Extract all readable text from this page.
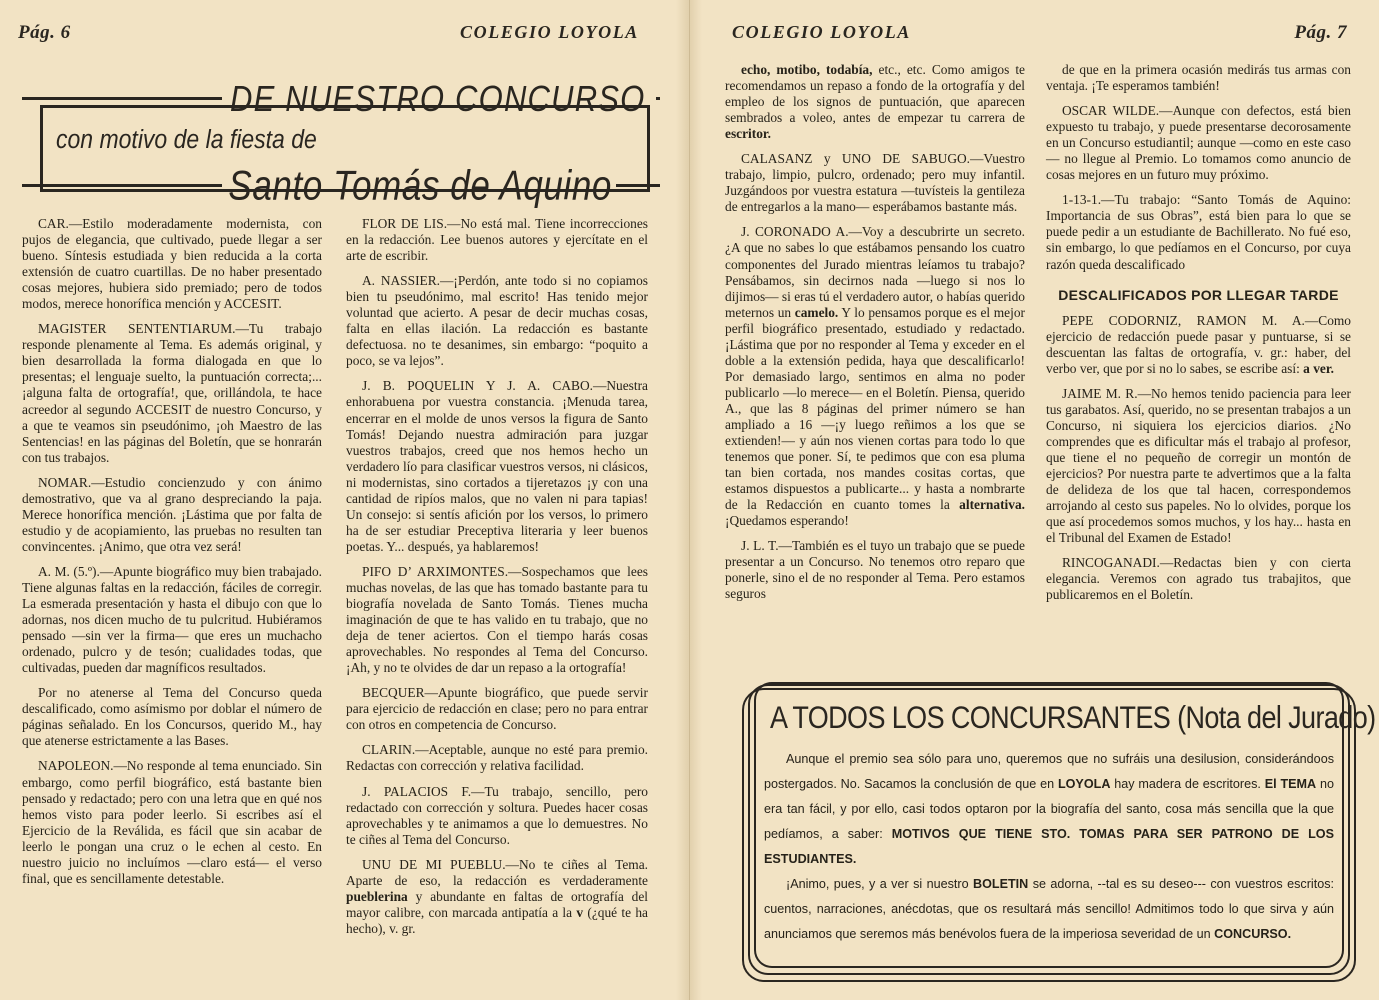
Pág. 6	COLEGIO LOYOLA
DE NUESTRO CONCURSO
con motivo de la fiesta de
Santo Tomás de Aquino

CAR.—Estilo moderadamente modernista, con pujos de elegancia, que cultivado, puede llegar a ser bueno. Síntesis estudiada y bien reducida a la corta extensión de cuatro cuartillas. De no haber presentado cosas mejores, hubiera sido premiado; pero de todos modos, merece honorífica mención y ACCESIT.

MAGISTER SENTENTIARUM.—Tu trabajo responde plenamente al Tema. Es además original, y bien desarrollada la forma dialogada en que lo presentas; el lenguaje suelto, la puntuación correcta;... ¡alguna falta de ortografía!, que, orillándola, te hace acreedor al segundo ACCESIT de nuestro Concurso, y a que te veamos sin pseudónimo, ¡oh Maestro de las Sentencias! en las páginas del Boletín, que se honrarán con tus trabajos.

NOMAR.—Estudio concienzudo y con ánimo demostrativo, que va al grano despreciando la paja. Merece honorífica mención. ¡Lástima que por falta de estudio y de acopiamiento, las pruebas no resulten tan convincentes. ¡Animo, que otra vez será!

A. M. (5.º).—Apunte biográfico muy bien trabajado. Tiene algunas faltas en la redacción, fáciles de corregir. La esmerada presentación y hasta el dibujo con que lo adornas, nos dicen mucho de tu pulcritud. Hubiéramos pensado —sin ver la firma— que eres un muchacho ordenado, pulcro y de tesón; cualidades todas, que cultivadas, pueden dar magníficos resultados.

Por no atenerse al Tema del Concurso queda descalificado, como asímismo por doblar el número de páginas señalado. En los Concursos, querido M., hay que atenerse estrictamente a las Bases.

NAPOLEON.—No responde al tema enunciado. Sin embargo, como perfil biográfico, está bastante bien pensado y redactado; pero con una letra que en qué nos hemos visto para poder leerlo. Si escribes así el Ejercicio de la Reválida, es fácil que sin acabar de leerlo le pongan una cruz o le echen al cesto. En nuestro juicio no incluímos —claro está— el verso final, que es sencillamente detestable.

FLOR DE LIS.—No está mal. Tiene incorrecciones en la redacción. Lee buenos autores y ejercítate en el arte de escribir.

A. NASSIER.—¡Perdón, ante todo si no copiamos bien tu pseudónimo, mal escrito! Has tenido mejor voluntad que acierto. A pesar de decir muchas cosas, falta en ellas ilación. La redacción es bastante defectuosa. no te desanimes, sin embargo: “poquito a poco, se va lejos”.

J. B. POQUELIN Y J. A. CABO.—Nuestra enhorabuena por vuestra constancia. ¡Menuda tarea, encerrar en el molde de unos versos la figura de Santo Tomás! Dejando nuestra admiración para juzgar vuestros trabajos, creed que nos hemos hecho un verdadero lío para clasificar vuestros versos, ni clásicos, ni modernistas, sino cortados a tijeretazos ¡y con una cantidad de ripíos malos, que no valen ni para tapias! Un consejo: si sentís afición por los versos, lo primero ha de ser estudiar Preceptiva literaria y leer buenos poetas. Y... después, ya hablaremos!

PIFO D’ ARXIMONTES.—Sospechamos que lees muchas novelas, de las que has tomado bastante para tu biografía novelada de Santo Tomás. Tienes mucha imaginación de que te has valido en tu trabajo, que no deja de tener aciertos. Con el tiempo harás cosas aprovechables. No respondes al Tema del Concurso. ¡Ah, y no te olvides de dar un repaso a la ortografía!

BECQUER—Apunte biográfico, que puede servir para ejercicio de redacción en clase; pero no para entrar con otros en competencia de Concurso.

CLARIN.—Aceptable, aunque no esté para premio. Redactas con corrección y relativa facilidad.

J. PALACIOS F.—Tu trabajo, sencillo, pero redactado con corrección y soltura. Puedes hacer cosas aprovechables y te animamos a que lo demuestres. No te ciñes al Tema del Concurso.

UNU DE MI PUEBLU.—No te ciñes al Tema. Aparte de eso, la redacción es verdaderamente pueblerina y abundante en faltas de ortografía del mayor calibre, con marcada antipatía a la v (¿qué te ha hecho), v. gr.

COLEGIO LOYOLA	Pág. 7

echo, motibo, todabía, etc., etc. Como amigos te recomendamos un repaso a fondo de la ortografía y del empleo de los signos de puntuación, que aparecen sembrados a voleo, antes de empezar tu carrera de escritor.

CALASANZ y UNO DE SABUGO.—Vuestro trabajo, limpio, pulcro, ordenado; pero muy infantil. Juzgándoos por vuestra estatura —tuvísteis la gentileza de entregarlos a la mano— esperábamos bastante más.

J. CORONADO A.—Voy a descubrirte un secreto. ¿A que no sabes lo que estábamos pensando los cuatro componentes del Jurado mientras leíamos tu trabajo? Pensábamos, sin decirnos nada —luego si nos lo dijimos— si eras tú el verdadero autor, o habías querido meternos un camelo. Y lo pensamos porque es el mejor perfil biográfico presentado, estudiado y redactado. ¡Lástima que por no responder al Tema y exceder en el doble a la extensión pedida, haya que descalificarlo! Por demasiado largo, sentimos en alma no poder publicarlo —lo merece— en el Boletín. Piensa, querido A., que las 8 páginas del primer número se han ampliado a 16 —¡y luego reñimos a los que se extienden!— y aún nos vienen cortas para todo lo que tenemos que poner. Sí, te pedimos que con esa pluma tan bien cortada, nos mandes cositas cortas, que estamos dispuestos a publicarte... y hasta a nombrarte de la Redacción en cuanto tomes la alternativa. ¡Quedamos esperando!

J. L. T.—También es el tuyo un trabajo que se puede presentar a un Concurso. No tenemos otro reparo que ponerle, sino el de no responder al Tema. Pero estamos seguros

de que en la primera ocasión medirás tus armas con ventaja. ¡Te esperamos también!

OSCAR WILDE.—Aunque con defectos, está bien expuesto tu trabajo, y puede presentarse decorosamente en un Concurso estudiantil; aunque —como en este caso— no llegue al Premio. Lo tomamos como anuncio de cosas mejores en un futuro muy próximo.

1-13-1.—Tu trabajo: “Santo Tomás de Aquino: Importancia de sus Obras”, está bien para lo que se puede pedir a un estudiante de Bachillerato. No fué eso, sin embargo, lo que pedíamos en el Concurso, por cuya razón queda descalificado

DESCALIFICADOS POR LLEGAR TARDE

PEPE CODORNIZ, RAMON M. A.—Como ejercicio de redacción puede pasar y puntuarse, si se descuentan las faltas de ortografía, v. gr.: haber, del verbo ver, que por si no lo sabes, se escribe así: a ver.

JAIME M. R.—No hemos tenido paciencia para leer tus garabatos. Así, querido, no se presentan trabajos a un Concurso, ni siquiera los ejercicios diarios. ¿No comprendes que es dificultar más el trabajo al profesor, que tiene el no pequeño de corregir un montón de ejercicios? Por nuestra parte te advertimos que a la falta de delideza de los que tal hacen, correspondemos arrojando al cesto sus papeles. No lo olvides, porque los que así procedemos somos muchos, y los hay... hasta en el Tribunal del Examen de Estado!

RINCOGANADI.—Redactas bien y con cierta elegancia. Veremos con agrado tus trabajitos, que publicaremos en el Boletín.

A TODOS LOS CONCURSANTES (Nota del Jurado)

Aunque el premio sea sólo para uno, queremos que no sufráis una desilusion, considerándoos postergados. No. Sacamos la conclusión de que en LOYOLA hay madera de escritores. El TEMA no era tan fácil, y por ello, casi todos optaron por la biografía del santo, cosa más sencilla que la que pedíamos, a saber: MOTIVOS QUE TIENE STO. TOMAS PARA SER PATRONO DE LOS ESTUDIANTES.

¡Animo, pues, y a ver si nuestro BOLETIN se adorna, --tal es su deseo--- con vuestros escritos: cuentos, narraciones, anécdotas, que os resultará más sencillo! Admitimos todo lo que sirva y aún anunciamos que seremos más benévolos fuera de la imperiosa severidad de un CONCURSO.
